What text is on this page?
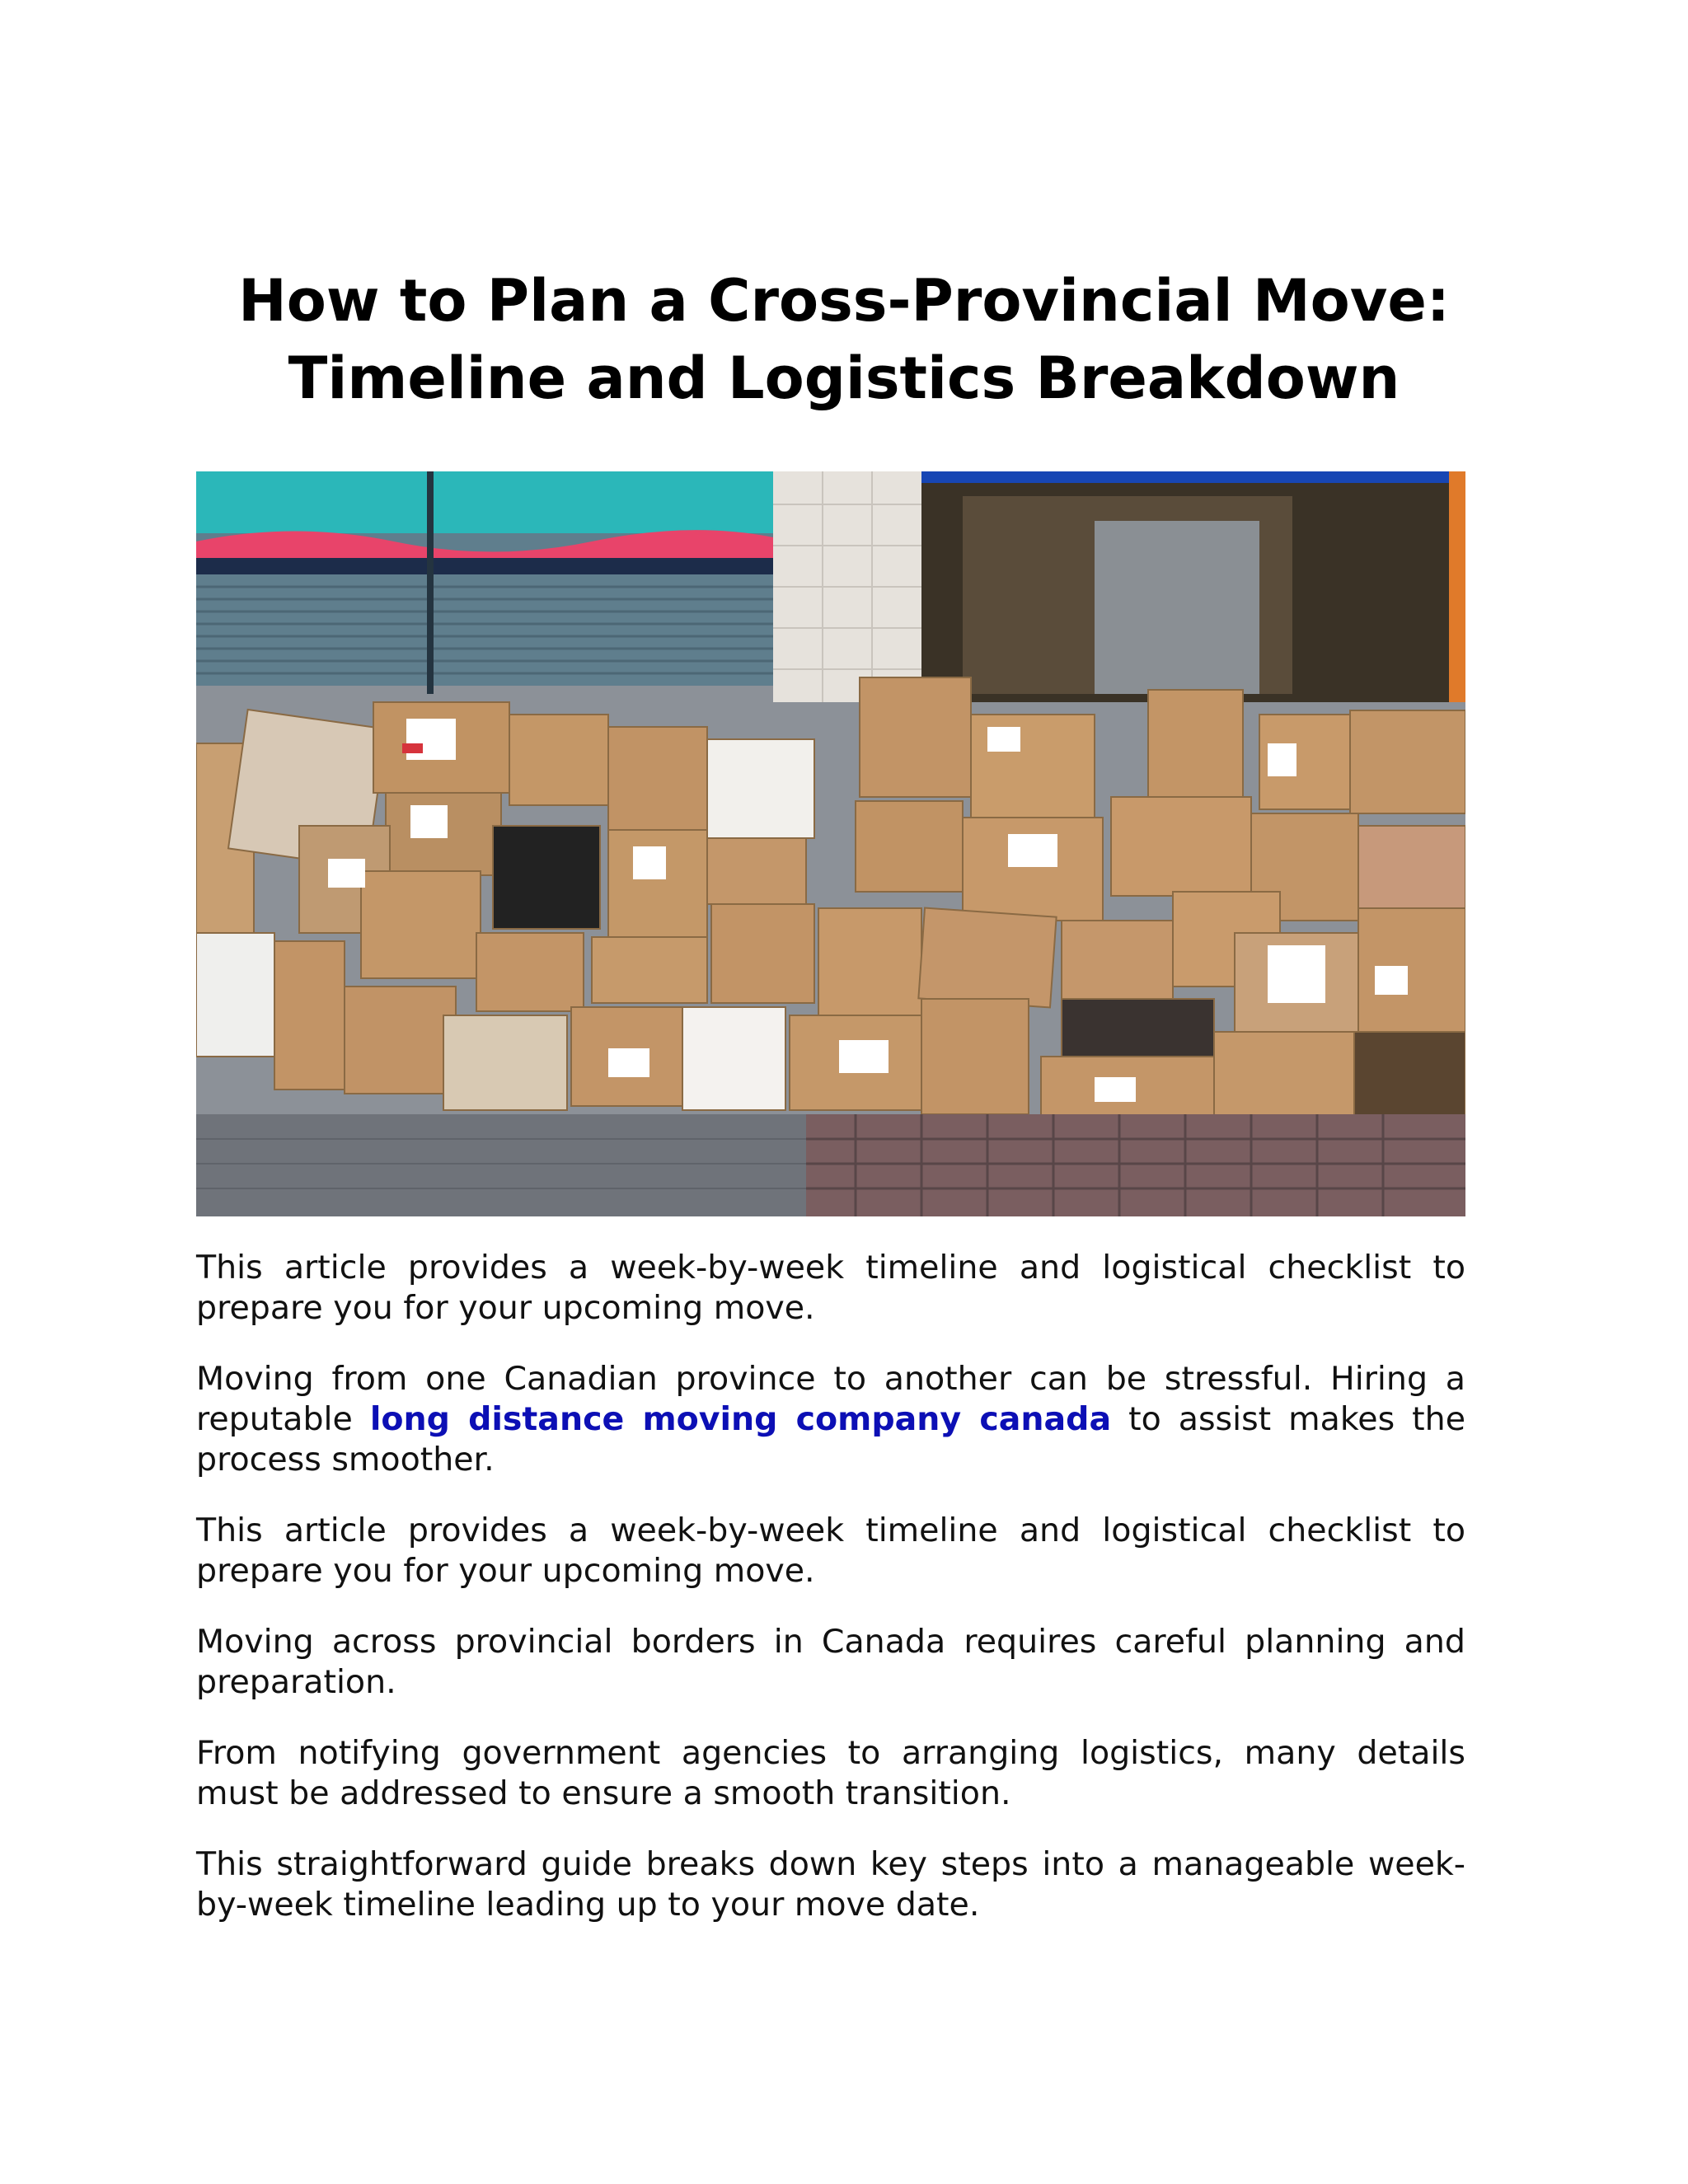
How to Plan a Cross-Provincial Move:
Timeline and Logistics Breakdown

This article provides a week-by-week timeline and logistical checklist to prepare you for your upcoming move.

Moving from one Canadian province to another can be stressful. Hiring a reputable long distance moving company canada to assist makes the process smoother.

This article provides a week-by-week timeline and logistical checklist to prepare you for your upcoming move.

Moving across provincial borders in Canada requires careful planning and preparation.

From notifying government agencies to arranging logistics, many details must be addressed to ensure a smooth transition.

This straightforward guide breaks down key steps into a manageable week-by-week timeline leading up to your move date.
